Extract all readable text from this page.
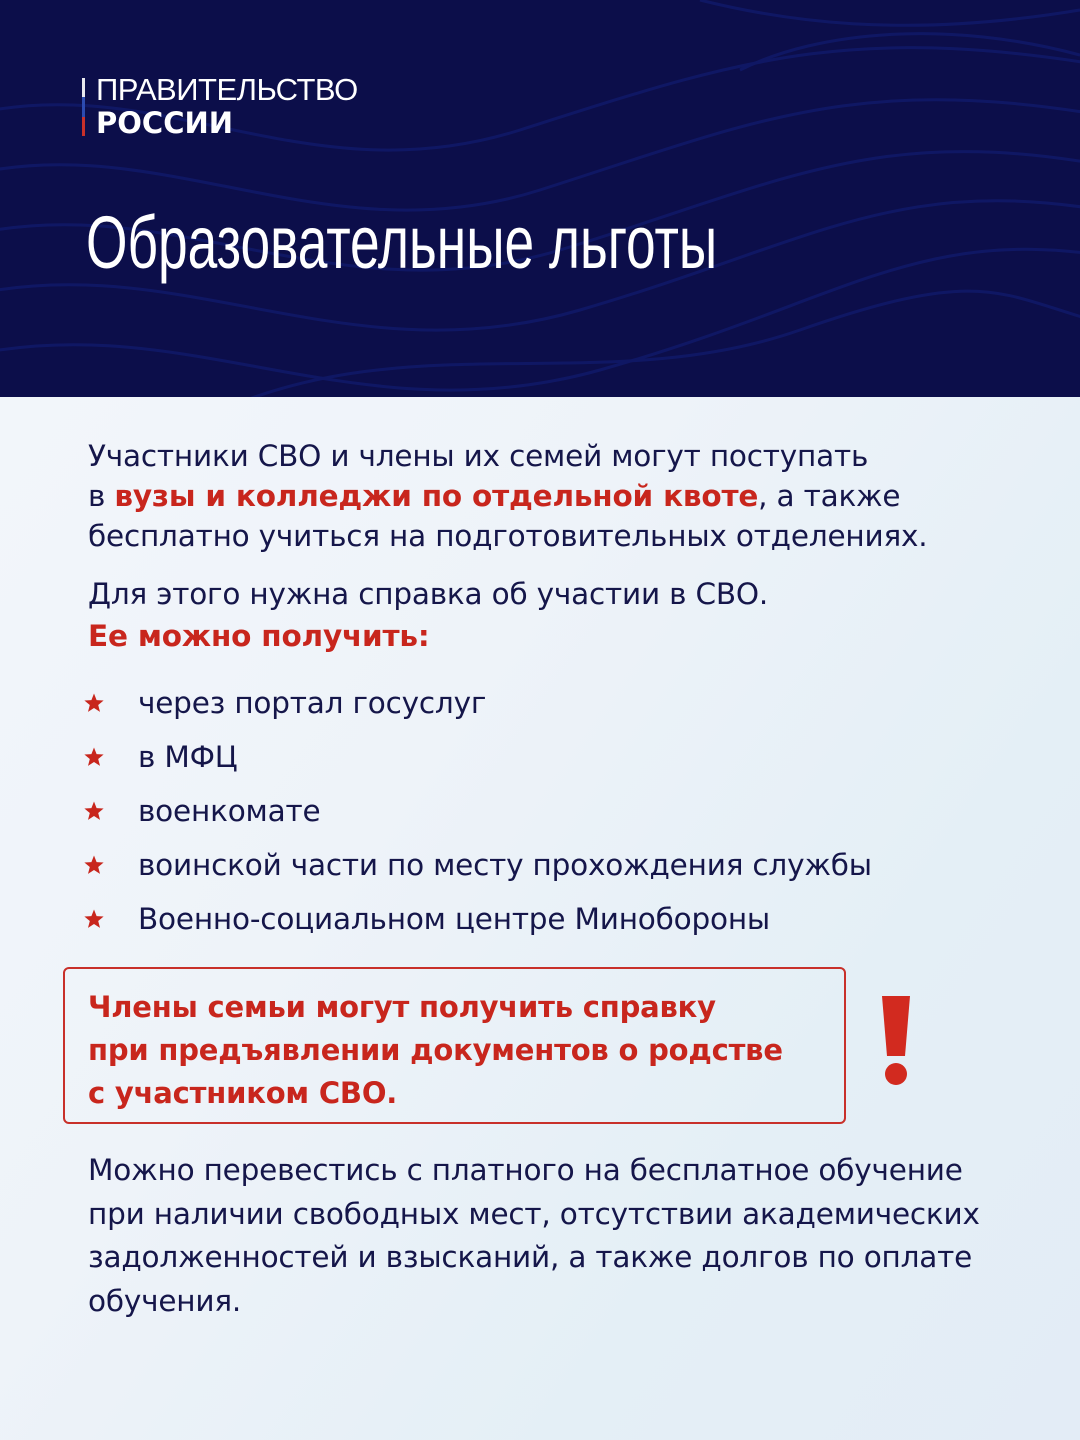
ПРАВИТЕЛЬСТВО
РОССИИ
Образовательные льготы

Участники СВО и члены их семей могут поступать
в вузы и колледжи по отдельной квоте, а также
бесплатно учиться на подготовительных отделениях.

Для этого нужна справка об участии в СВО.
Ее можно получить:

через портал госуслуг
в МФЦ
военкомате
воинской части по месту прохождения службы
Военно-социальном центре Минобороны
Члены семьи могут получить справку
при предъявлении документов о родстве
с участником СВО.
Можно перевестись с платного на бесплатное обучение
при наличии свободных мест, отсутствии академических
задолженностей и взысканий, а также долгов по оплате
обучения.
